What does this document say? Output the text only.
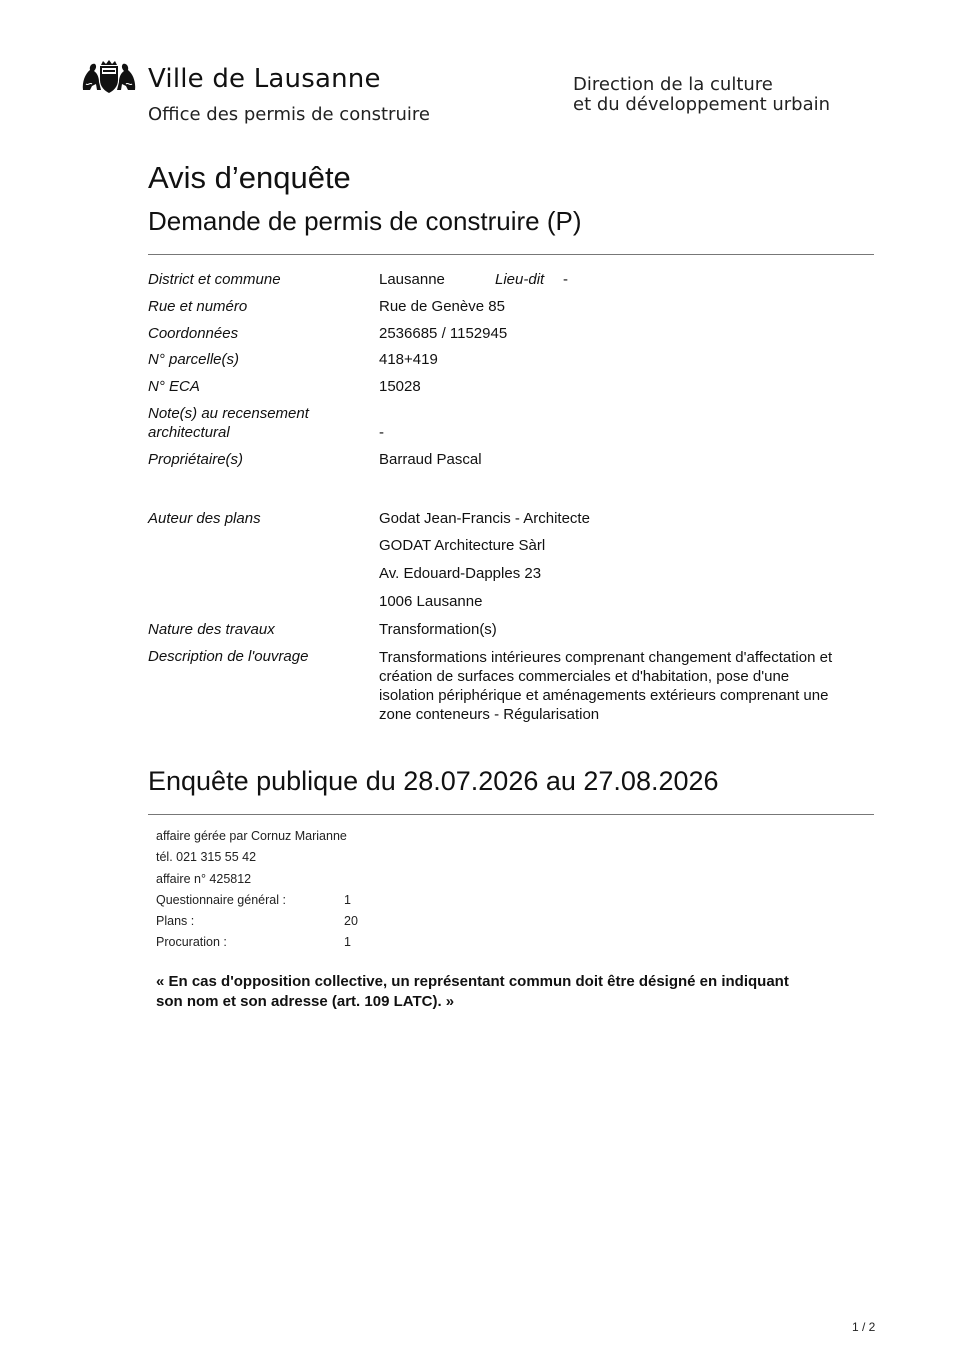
Ville de Lausanne
Office des permis de construire
Direction de la culture
et du développement urbain
Avis d’enquête
Demande de permis de construire (P)
District et commune	Lausanne	Lieu-dit -
Rue et numéro	Rue de Genève 85
Coordonnées	2536685 / 1152945
N° parcelle(s)	418+419
N° ECA	15028
Note(s) au recensement
architectural	-
Propriétaire(s)	Barraud Pascal
Auteur des plans	Godat Jean-Francis - Architecte
GODAT Architecture Sàrl
Av. Edouard-Dapples 23
1006 Lausanne
Nature des travaux	Transformation(s)
Description de l'ouvrage	Transformations intérieures comprenant changement d'affectation et
création de surfaces commerciales et d'habitation, pose d'une
isolation périphérique et aménagements extérieurs comprenant une
zone conteneurs - Régularisation
Enquête publique du 28.07.2026 au 27.08.2026
affaire gérée par Cornuz Marianne
tél. 021 315 55 42
affaire n° 425812
Questionnaire général :	1
Plans :	20
Procuration :	1
« En cas d'opposition collective, un représentant commun doit être désigné en indiquant
son nom et son adresse (art. 109 LATC). »
1 / 2
